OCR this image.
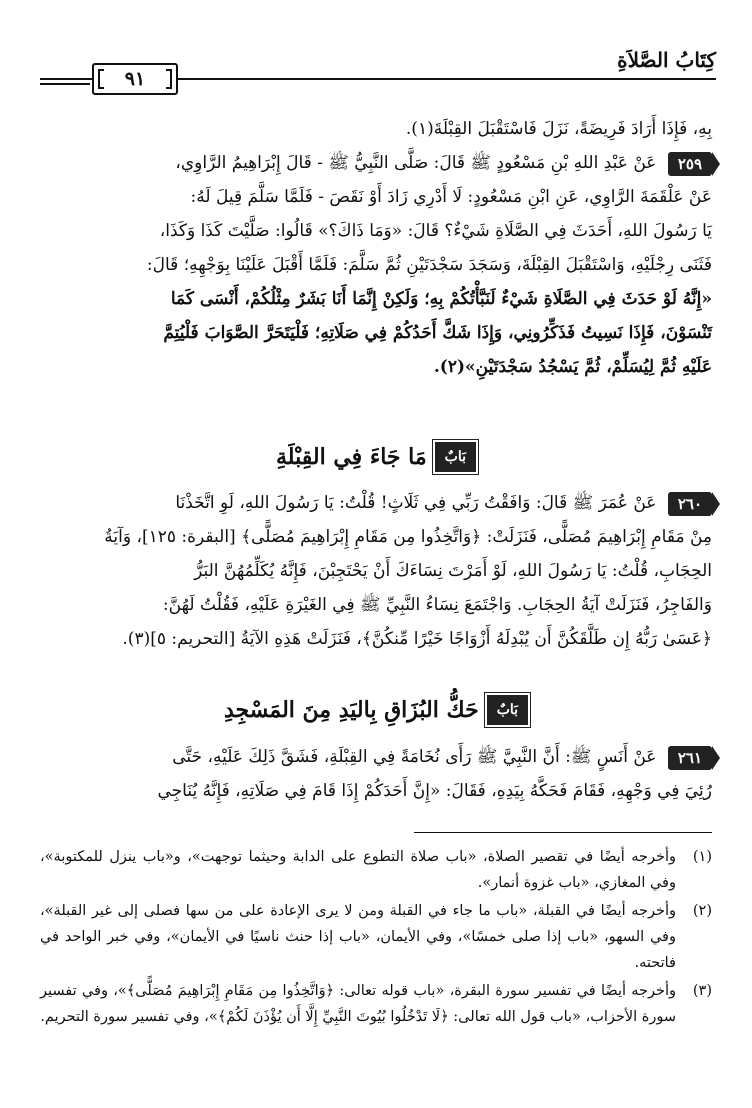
كِتَابُ الصَّلاَةِ
٩١

بِهِ، فَإِذَا أَرَادَ فَرِيضَةً، نَزَلَ فَاسْتَقْبَلَ القِبْلَةَ(١).

٢٥٩ عَنْ عَبْدِ اللهِ بْنِ مَسْعُودٍ ﷺ قَالَ: صَلَّى النَّبِيُّ ﷺ - قَالَ إِبْرَاهِيمُ الرَّاوِي،

عَنْ عَلْقَمَةَ الرَّاوِي، عَنِ ابْنِ مَسْعُودٍ: لَا أَدْرِي زَادَ أَوْ نَقَصَ - فَلَمَّا سَلَّمَ قِيلَ لَهُ:

يَا رَسُولَ اللهِ، أَحَدَثَ فِي الصَّلَاةِ شَيْءٌ؟ قَالَ: «وَمَا ذَاكَ؟» قَالُوا: صَلَّيْتَ كَذَا وَكَذَا،

فَثَنَى رِجْلَيْهِ، وَاسْتَقْبَلَ القِبْلَةَ، وَسَجَدَ سَجْدَتَيْنِ ثُمَّ سَلَّمَ: فَلَمَّا أَقْبَلَ عَلَيْنَا بِوَجْهِهِ؛ قَالَ:

«إِنَّهُ لَوْ حَدَثَ فِي الصَّلَاةِ شَيْءٌ لَنَبَّأْتُكُمْ بِهِ؛ وَلَكِنْ إِنَّمَا أَنَا بَشَرٌ مِثْلُكُمْ، أَنْسَى كَمَا

تَنْسَوْنَ، فَإِذَا نَسِيتُ فَذَكِّرُونِي، وَإِذَا شَكَّ أَحَدُكُمْ فِي صَلَاتِهِ؛ فَلْيَتَحَرَّ الصَّوَابَ فَلْيُتِمَّ

عَلَيْهِ ثُمَّ لِيُسَلِّمْ، ثُمَّ يَسْجُدُ سَجْدَتَيْنِ»(٢).

بَابٌ
مَا جَاءَ فِي القِبْلَةِ

٢٦٠ عَنْ عُمَرَ ﷺ قَالَ: وَافَقْتُ رَبِّي فِي ثَلَاثٍ! قُلْتُ: يَا رَسُولَ اللهِ، لَوِ اتَّخَذْنَا

مِنْ مَقَامِ إِبْرَاهِيمَ مُصَلًّى، فَنَزَلَتْ: ﴿وَاتَّخِذُوا مِن مَقَامِ إِبْرَاهِيمَ مُصَلًّى﴾ [البقرة: ١٢٥]، وَآيَةُ

الحِجَابِ، قُلْتُ: يَا رَسُولَ اللهِ، لَوْ أَمَرْتَ نِسَاءَكَ أَنْ يَحْتَجِبْنَ، فَإِنَّهُ يُكَلِّمُهُنَّ البَرُّ

وَالفَاجِرُ، فَنَزَلَتْ آيَةُ الحِجَابِ. وَاجْتَمَعَ نِسَاءُ النَّبِيِّ ﷺ فِي الغَيْرَةِ عَلَيْهِ، فَقُلْتُ لَهُنَّ:

﴿عَسَىٰ رَبُّهُ إِن طَلَّقَكُنَّ أَن يُبْدِلَهُ أَزْوَاجًا خَيْرًا مِّنكُنَّ﴾، فَنَزَلَتْ هَذِهِ الآيَةُ [التحريم: ٥](٣).

بَابٌ
حَكُّ البُزَاقِ بِاليَدِ مِنَ المَسْجِدِ

٢٦١ عَنْ أَنَسٍ ﷺ: أَنَّ النَّبِيَّ ﷺ رَأَى نُخَامَةً فِي القِبْلَةِ، فَشَقَّ ذَلِكَ عَلَيْهِ، حَتَّى

رُئِيَ فِي وَجْهِهِ، فَقَامَ فَحَكَّهُ بِيَدِهِ، فَقَالَ: «إِنَّ أَحَدَكُمْ إِذَا قَامَ فِي صَلَاتِهِ، فَإِنَّهُ يُنَاجِي

(١)
وأخرجه أيضًا في تقصير الصلاة، «باب صلاة التطوع على الدابة وحيثما توجهت»، و«باب ينزل للمكتوبة»، وفي المغازي، «باب غزوة أنمار».
(٢)
وأخرجه أيضًا في القبلة، «باب ما جاء في القبلة ومن لا يرى الإعادة على من سها فصلى إلى غير القبلة»، وفي السهو، «باب إذا صلى خمسًا»، وفي الأيمان، «باب إذا حنث ناسيًا في الأيمان»، وفي خبر الواحد في فاتحته.
(٣)
وأخرجه أيضًا في تفسير سورة البقرة، «باب قوله تعالى: ﴿وَاتَّخِذُوا مِن مَقَامِ إِبْرَاهِيمَ مُصَلًّى﴾»، وفي تفسير سورة الأحزاب، «باب قول الله تعالى: ﴿لَا تَدْخُلُوا بُيُوتَ النَّبِيِّ إِلَّا أَن يُؤْذَنَ لَكُمْ﴾»، وفي تفسير سورة التحريم.
